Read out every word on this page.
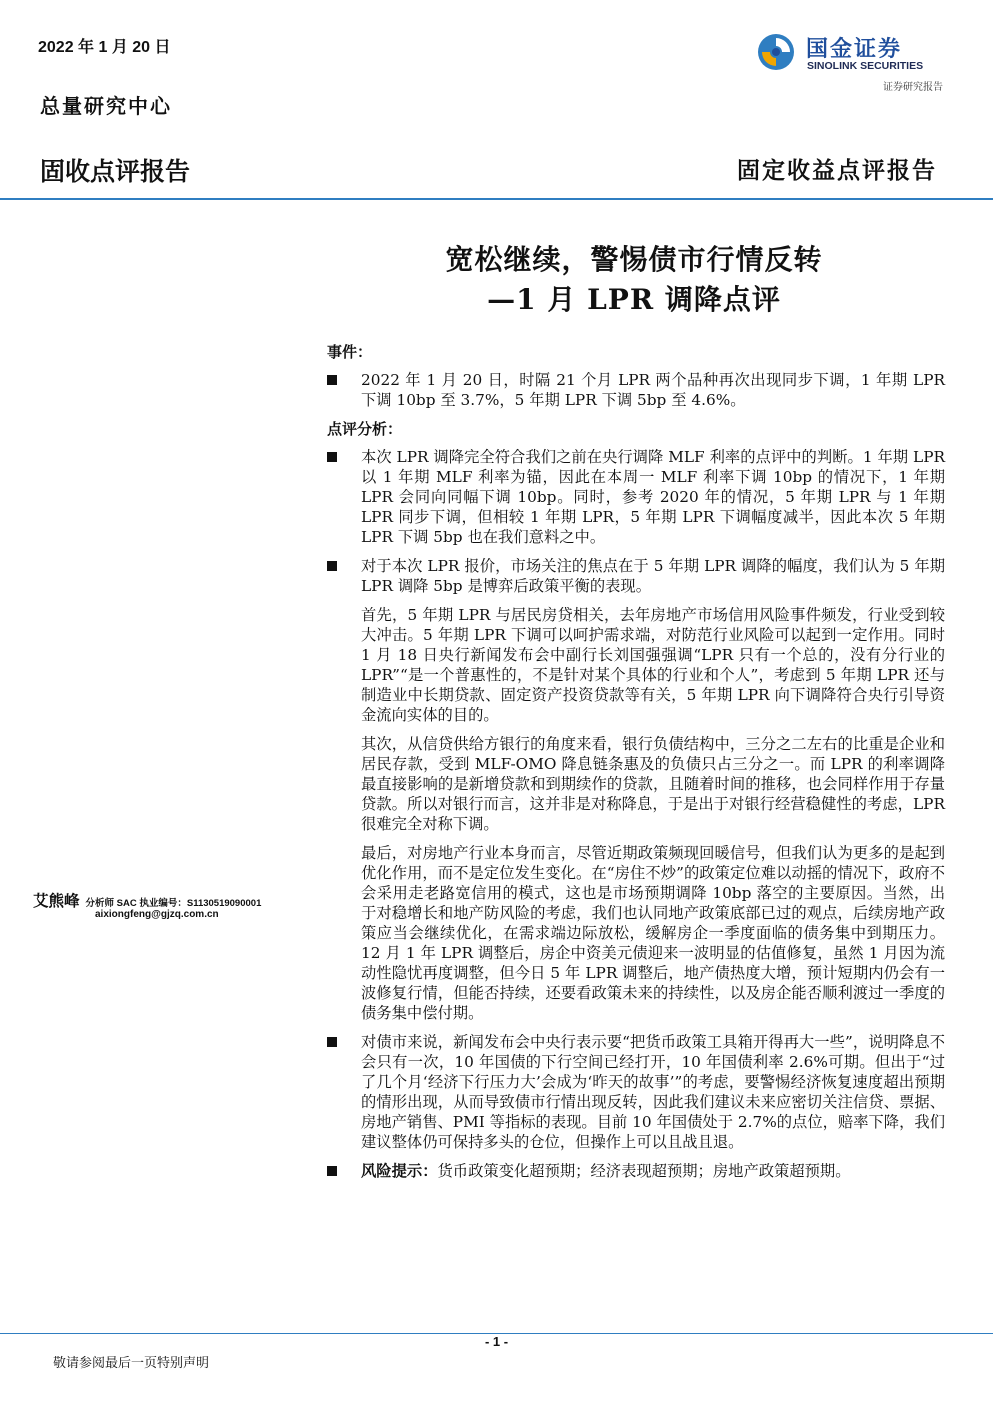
2022 年 1 月 20 日
总量研究中心
固收点评报告	固定收益点评报告
国金证券
SINOLINK SECURITIES
证券研究报告
宽松继续，警惕债市行情反转
—1 月 LPR 调降点评
事件：
2022 年 1 月 20 日，时隔 21 个月 LPR 两个品种再次出现同步下调，1 年期 LPR 下调 10bp 至 3.7%，5 年期 LPR 下调 5bp 至 4.6%。
点评分析：
本次 LPR 调降完全符合我们之前在央行调降 MLF 利率的点评中的判断。1 年期 LPR 以 1 年期 MLF 利率为锚，因此在本周一 MLF 利率下调 10bp 的情况下，1 年期 LPR 会同向同幅下调 10bp。同时，参考 2020 年的情况，5 年期 LPR 与 1 年期 LPR 同步下调，但相较 1 年期 LPR，5 年期 LPR 下调幅度减半，因此本次 5 年期 LPR 下调 5bp 也在我们意料之中。
对于本次 LPR 报价，市场关注的焦点在于 5 年期 LPR 调降的幅度，我们认为 5 年期 LPR 调降 5bp 是博弈后政策平衡的表现。
首先，5 年期 LPR 与居民房贷相关，去年房地产市场信用风险事件频发，行业受到较大冲击。5 年期 LPR 下调可以呵护需求端，对防范行业风险可以起到一定作用。同时 1 月 18 日央行新闻发布会中副行长刘国强强调“LPR 只有一个总的，没有分行业的 LPR”“是一个普惠性的，不是针对某个具体的行业和个人”，考虑到 5 年期 LPR 还与制造业中长期贷款、固定资产投资贷款等有关，5 年期 LPR 向下调降符合央行引导资金流向实体的目的。
其次，从信贷供给方银行的角度来看，银行负债结构中，三分之二左右的比重是企业和居民存款，受到 MLF-OMO 降息链条惠及的负债只占三分之一。而 LPR 的利率调降最直接影响的是新增贷款和到期续作的贷款，且随着时间的推移，也会同样作用于存量贷款。所以对银行而言，这并非是对称降息，于是出于对银行经营稳健性的考虑，LPR 很难完全对称下调。
最后，对房地产行业本身而言，尽管近期政策频现回暖信号，但我们认为更多的是起到优化作用，而不是定位发生变化。在“房住不炒”的政策定位难以动摇的情况下，政府不会采用走老路宽信用的模式，这也是市场预期调降 10bp 落空的主要原因。当然，出于对稳增长和地产防风险的考虑，我们也认同地产政策底部已过的观点，后续房地产政策应当会继续优化，在需求端边际放松，缓解房企一季度面临的债务集中到期压力。12 月 1 年 LPR 调整后，房企中资美元债迎来一波明显的估值修复，虽然 1 月因为流动性隐忧再度调整，但今日 5 年 LPR 调整后，地产债热度大增，预计短期内仍会有一波修复行情，但能否持续，还要看政策未来的持续性，以及房企能否顺利渡过一季度的债务集中偿付期。
对债市来说，新闻发布会中央行表示要“把货币政策工具箱开得再大一些”，说明降息不会只有一次，10 年国债的下行空间已经打开，10 年国债利率 2.6%可期。但出于“过了几个月‘经济下行压力大’会成为‘昨天的故事’”的考虑，要警惕经济恢复速度超出预期的情形出现，从而导致债市行情出现反转，因此我们建议未来应密切关注信贷、票据、房地产销售、PMI 等指标的表现。目前 10 年国债处于 2.7%的点位，赔率下降，我们建议整体仍可保持多头的仓位，但操作上可以且战且退。
风险提示：货币政策变化超预期；经济表现超预期；房地产政策超预期。
艾熊峰 分析师 SAC 执业编号：S1130519090001
aixiongfeng@gjzq.com.cn
- 1 -
敬请参阅最后一页特别声明
